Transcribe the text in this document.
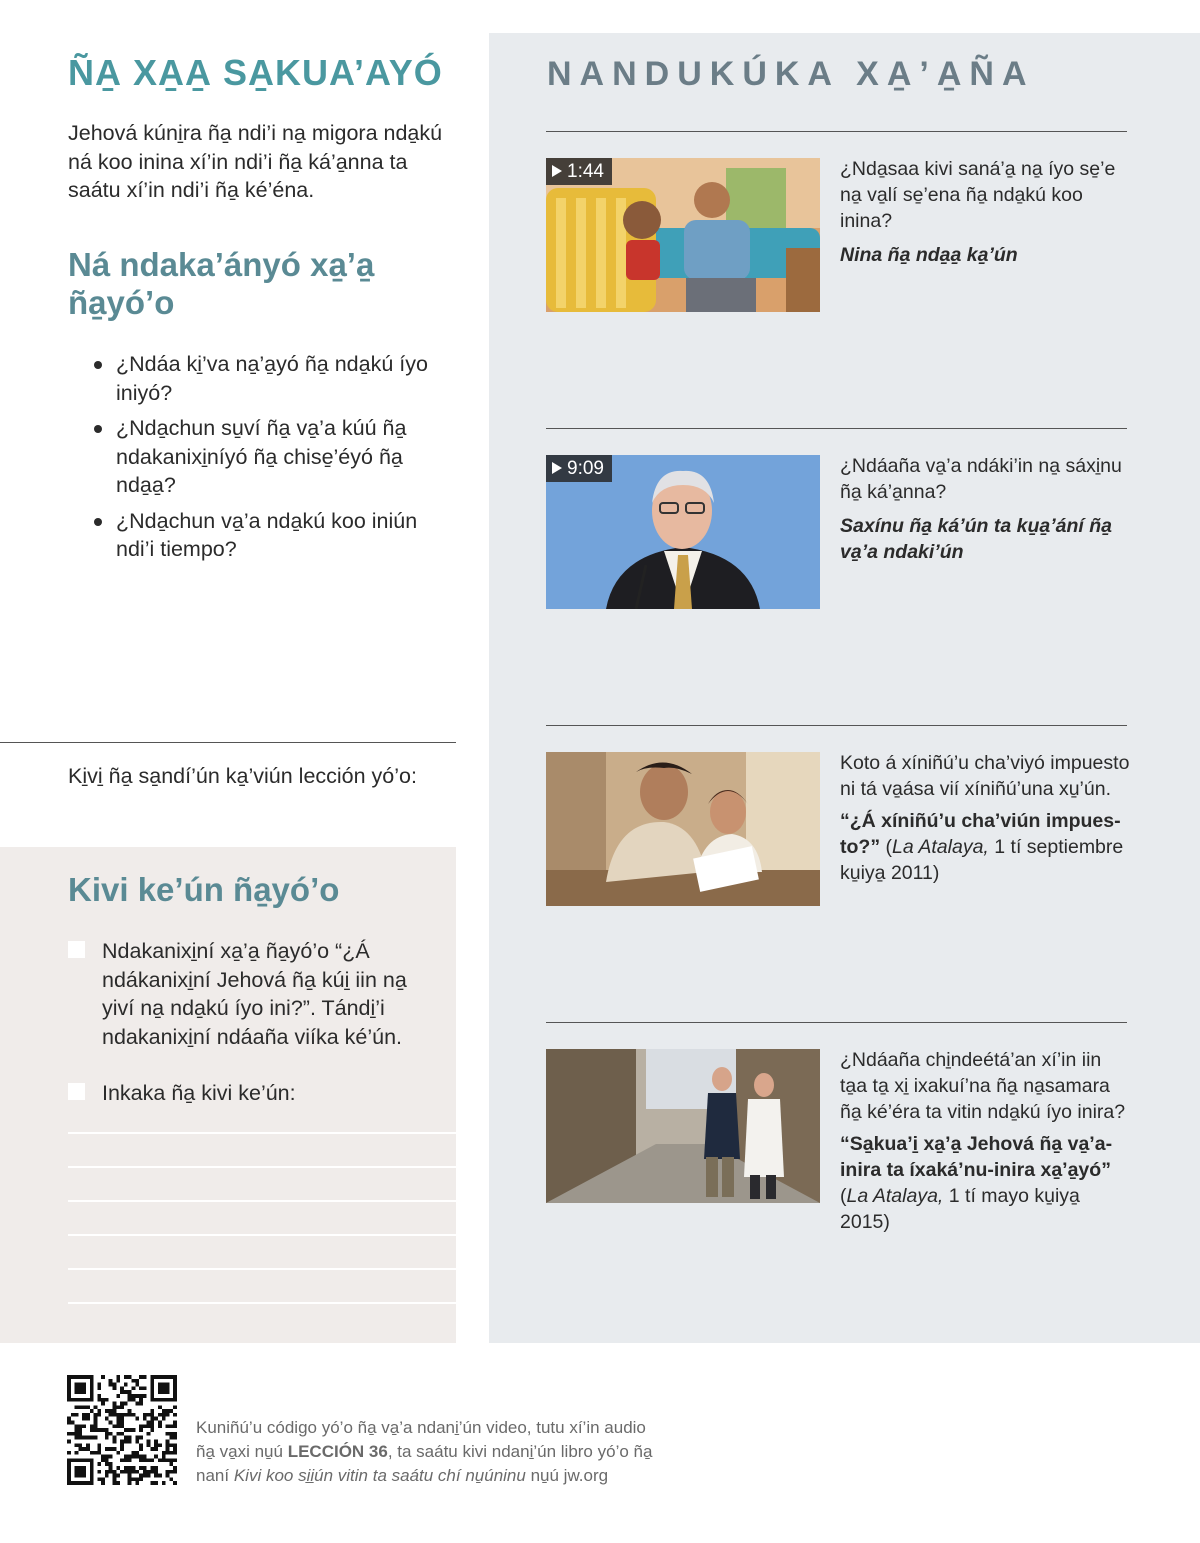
ÑA̱ XA̱A̱ SA̱KUA’AYÓ

Jehová kúni̱ra ña̱ ndi’i na̱ migora nda̱kú ná koo inina xí’in ndi’i ña̱ ká’a̱nna ta saátu xí’in ndi’i ña̱ ké’éna.

Ná ndaka’ányó xa̱’a̱ ña̱yó’o
¿Ndáa ki̱’va na̱’a̱yó ña̱ nda̱kú íyo iniyó?
¿Nda̱chun su̱ví ña̱ va̱’a kúú ña̱ ndakanixi̱níyó ña̱ chise̱’éyó ña̱ nda̱a̱?
¿Nda̱chun va̱’a nda̱kú koo iniún ndi’i tiempo?
Ki̱vi̱ ña̱ sa̱ndí’ún ka̱’viún lección yó’o:
Kivi ke’ún ña̱yó’o
Ndakanixi̱ní xa̱’a̱ ña̱yó’o “¿Á ndákanixi̱ní Jehová ña̱ kúi̱ iin na̱ yiví na̱ nda̱kú íyo ini?”. Tándi̱’i ndakanixi̱ní ndáaña viíka ké’ún.
Inkaka ña̱ kivi ke’ún:
NANDUKÚKA XA̱’A̱ÑA
1:44	¿Nda̱saa kivi saná’a̱ na̱ íyo se̱’e na̱ va̱lí se̱’ena ña̱ nda̱kú koo inina?
Nina ña̱ nda̱a̱ ka̱’ún
9:09	¿Ndáaña va̱’a ndáki’in na̱ sáxi̱nu ña̱ ká’a̱nna?
Saxínu ña̱ ká’ún ta ku̱a̱’ání ña̱ va̱’a ndaki’ún
Koto á xíniñú’u cha’viyó impuesto ni tá va̱ása vií xíniñú’una xu̱’ún.
“¿Á xíniñú’u cha’viún impuesto?” (La Atalaya, 1 tí septiembre ku̱iya̱ 2011)
¿Ndáaña chi̱ndeétá’an xí’in iin ta̱a ta̱ xi̱ ixakuí’na ña̱ na̱samara ña̱ ké’éra ta vitin nda̱kú íyo inira?
“Sa̱kua’i̱ xa̱’a̱ Jehová ña̱ va̱’a-inira ta íxaká’nu-inira xa̱’a̱yó” (La Atalaya, 1 tí mayo ku̱iya̱ 2015)
Kuniñú’u código yó’o ña̱ va̱’a ndani̱’ún video, tutu xí’in audio
ña̱ va̱xi nu̱ú LECCIÓN 36, ta saátu kivi ndani̱’ún libro yó’o ña̱
naní Kivi koo si̱i̱ún vitin ta saátu chí nu̱úninu nu̱ú jw.org
